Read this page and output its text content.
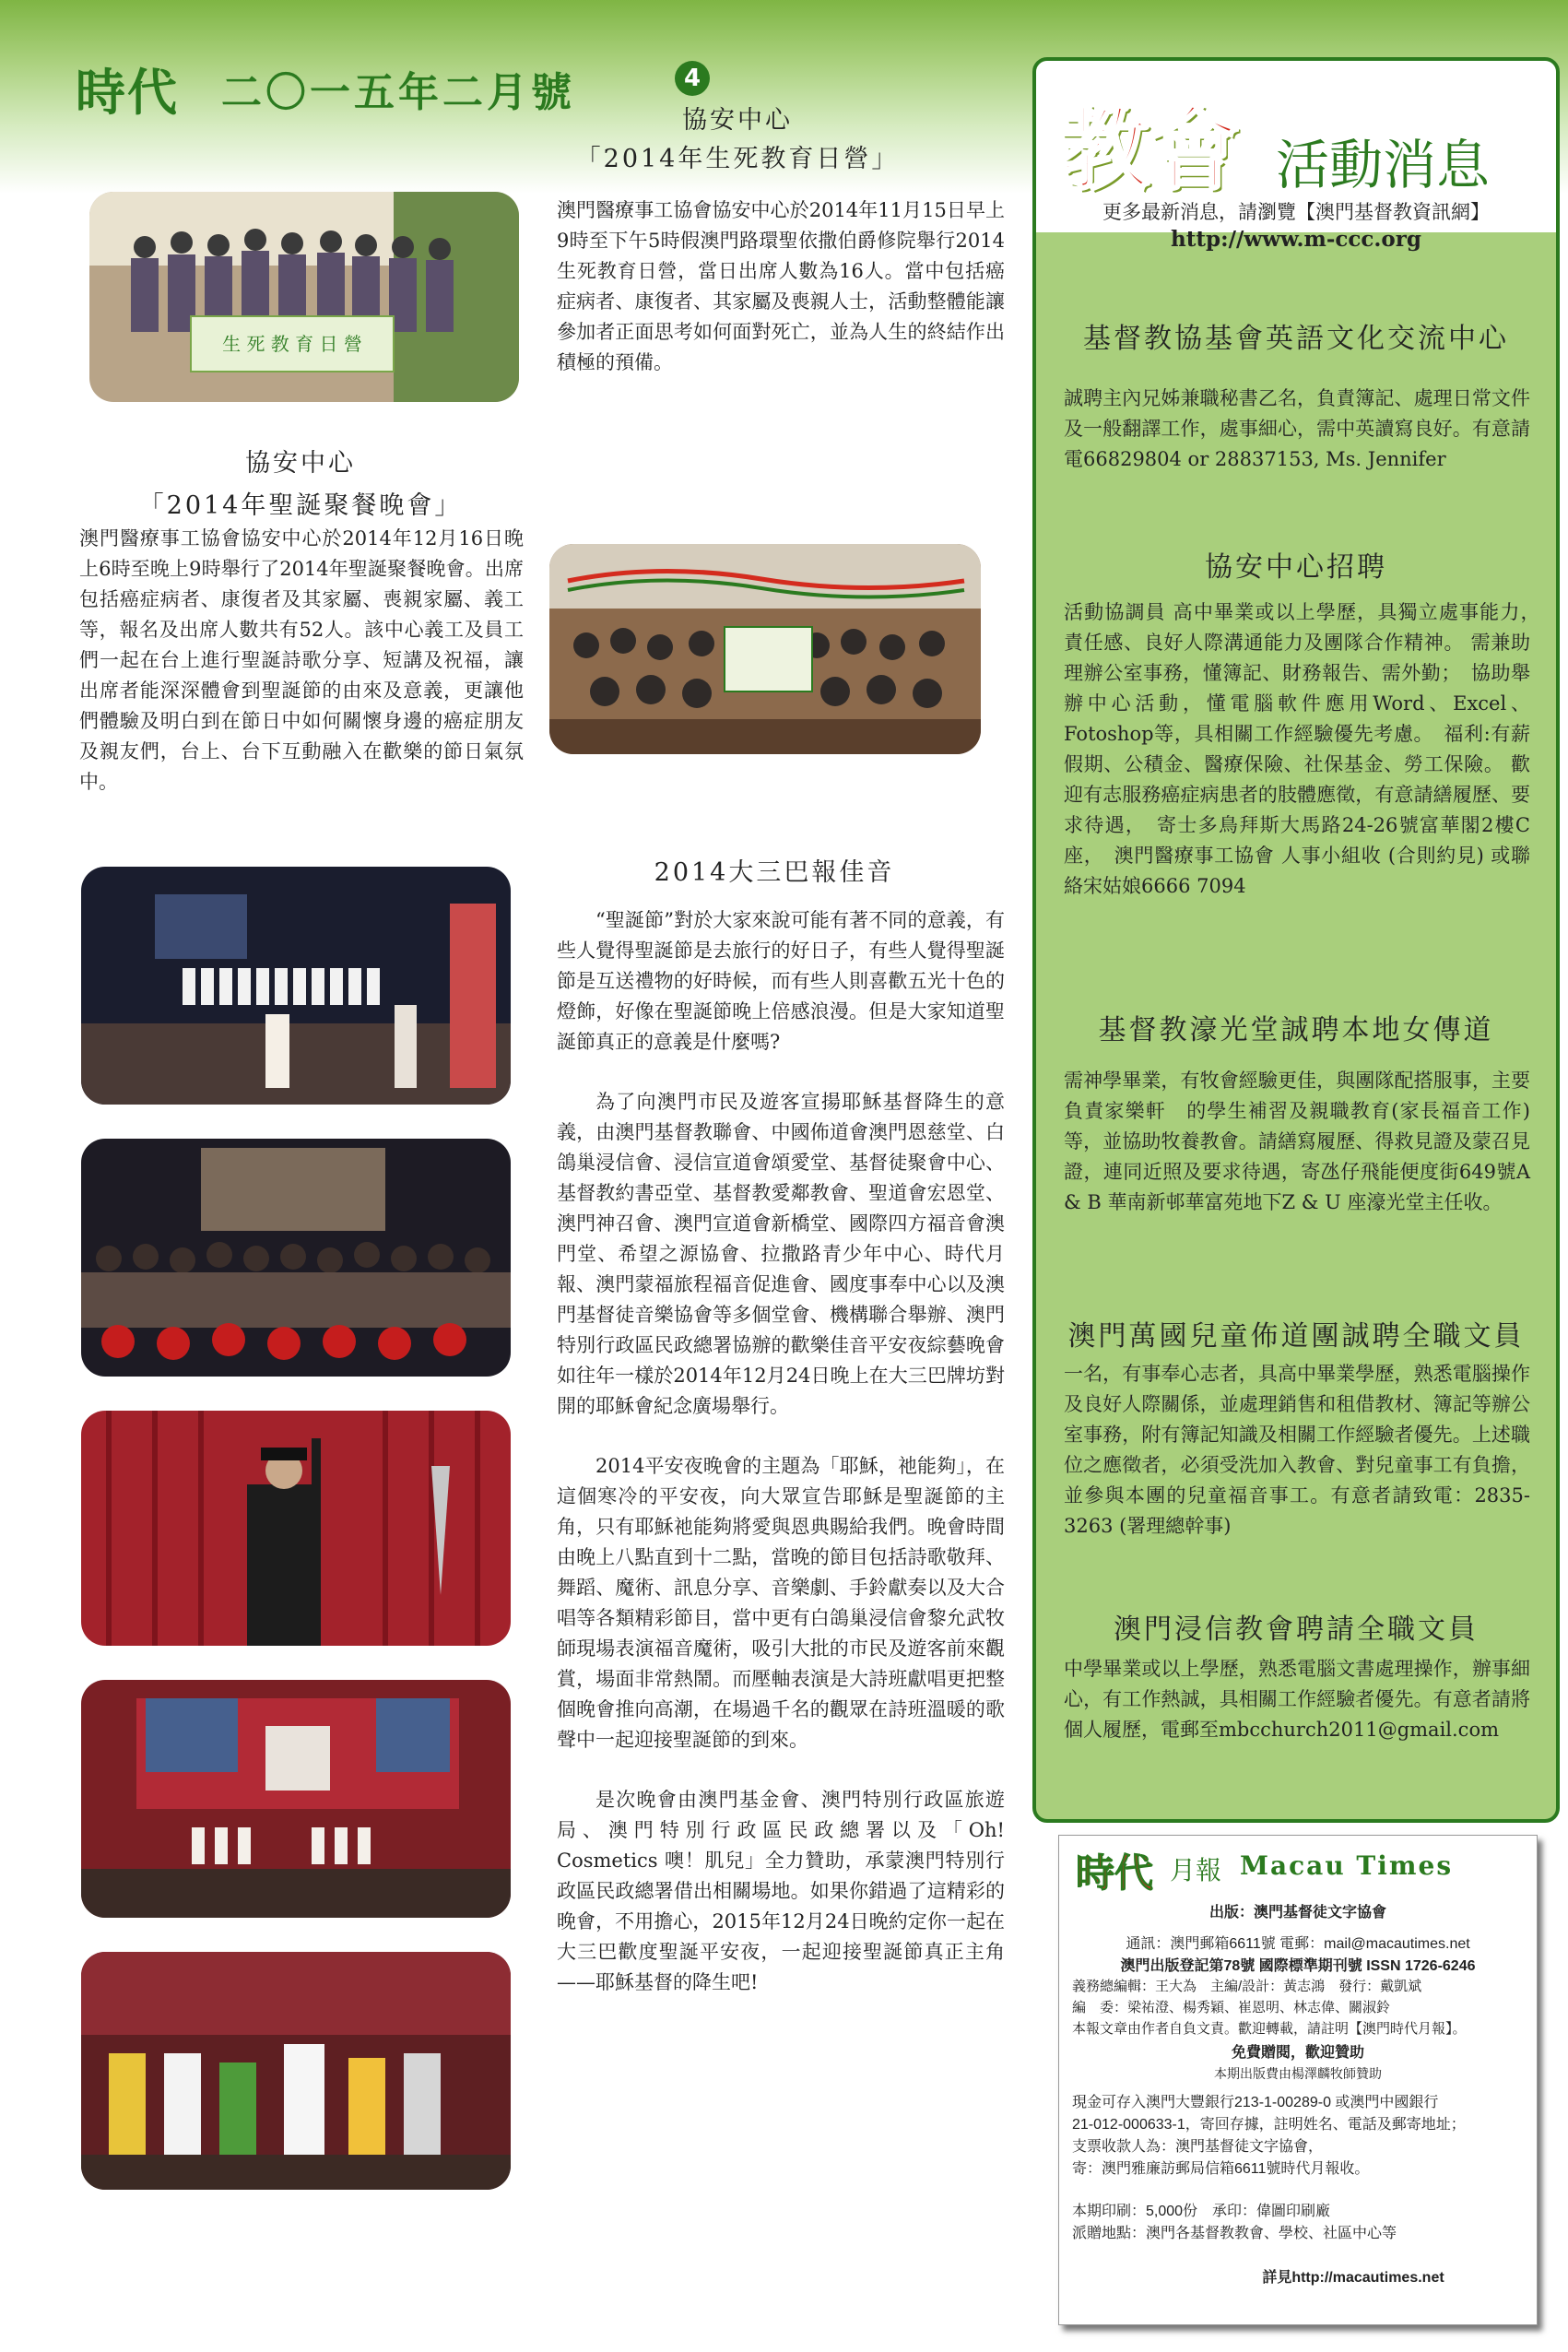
時代 二〇一五年二月號	4
生 死 教 育 日 營
協安中心
「2014年生死教育日營」
澳門醫療事工協會協安中心於2014年11月15日早上9時至下午5時假澳門路環聖依撒伯爵修院舉行2014生死教育日營，當日出席人數為16人。當中包括癌症病者、康復者、其家屬及喪親人士，活動整體能讓參加者正面思考如何面對死亡，並為人生的終結作出積極的預備。
協安中心
「2014年聖誕聚餐晚會」
澳門醫療事工協會協安中心於2014年12月16日晚上6時至晚上9時舉行了2014年聖誕聚餐晚會。出席包括癌症病者、康復者及其家屬、喪親家屬、義工等，報名及出席人數共有52人。該中心義工及員工們一起在台上進行聖誕詩歌分享、短講及祝福，讓出席者能深深體會到聖誕節的由來及意義，更讓他們體驗及明白到在節日中如何關懷身邊的癌症朋友及親友們，台上、台下互動融入在歡樂的節日氣氛中。
2014大三巴報佳音

“聖誕節”對於大家來說可能有著不同的意義，有些人覺得聖誕節是去旅行的好日子，有些人覺得聖誕節是互送禮物的好時候，而有些人則喜歡五光十色的燈飾，好像在聖誕節晚上倍感浪漫。但是大家知道聖誕節真正的意義是什麼嗎?

為了向澳門市民及遊客宣揚耶穌基督降生的意義，由澳門基督教聯會、中國佈道會澳門恩慈堂、白鴿巢浸信會、浸信宣道會頌愛堂、基督徒聚會中心、基督教約書亞堂、基督教愛鄰教會、聖道會宏恩堂、澳門神召會、澳門宣道會新橋堂、國際四方福音會澳門堂、希望之源協會、拉撒路青少年中心、時代月報、澳門蒙福旅程福音促進會、國度事奉中心以及澳門基督徒音樂協會等多個堂會、機構聯合舉辦、澳門特別行政區民政總署協辦的歡樂佳音平安夜綜藝晚會如往年一樣於2014年12月24日晚上在大三巴牌坊對開的耶穌會紀念廣場舉行。

2014平安夜晚會的主題為「耶穌，祂能夠」，在這個寒冷的平安夜，向大眾宣告耶穌是聖誕節的主角，只有耶穌祂能夠將愛與恩典賜給我們。晚會時間由晚上八點直到十二點，當晚的節目包括詩歌敬拜、舞蹈、魔術、訊息分享、音樂劇、手鈴獻奏以及大合唱等各類精彩節目，當中更有白鴿巢浸信會黎允武牧師現場表演福音魔術，吸引大批的市民及遊客前來觀賞，場面非常熱鬧。而壓軸表演是大詩班獻唱更把整個晚會推向高潮，在場過千名的觀眾在詩班溫暖的歌聲中一起迎接聖誕節的到來。

是次晚會由澳門基金會、澳門特別行政區旅遊局、澳門特別行政區民政總署以及「Oh! Cosmetics 噢！肌兒」全力贊助，承蒙澳門特別行政區民政總署借出相關場地。如果你錯過了這精彩的晚會，不用擔心，2015年12月24日晚約定你一起在大三巴歡度聖誕平安夜，一起迎接聖誕節真正主角——耶穌基督的降生吧!

教會 活動消息
更多最新消息，請瀏覽【澳門基督教資訊網】
http://www.m-ccc.org
基督教協基會英語文化交流中心
誠聘主內兄姊兼職秘書乙名，負責簿記、處理日常文件及一般翻譯工作，處事細心，需中英讀寫良好。有意請電66829804 or 28837153, Ms. Jennifer
協安中心招聘
活動協調員 高中畢業或以上學歷，具獨立處事能力，　責任感、良好人際溝通能力及團隊合作精神。 需兼助理辦公室事務，懂簿記、財務報告、需外勤；　協助舉辦中心活動，懂電腦軟件應用Word、Excel、Fotoshop等，具相關工作經驗優先考慮。　福利:有薪假期、公積金、醫療保險、社保基金、勞工保險。 歡迎有志服務癌症病患者的肢體應徵，有意請繕履歷、要求待遇，　寄士多鳥拜斯大馬路24-26號富華閣2樓C座，　澳門醫療事工協會 人事小組收 (合則約見) 或聯絡宋姑娘6666 7094
基督教濠光堂誠聘本地女傳道
需神學畢業，有牧會經驗更佳，與團隊配搭服事，主要負責家樂軒　的學生補習及親職教育(家長福音工作)等，並協助牧養教會。請繕寫履歷、得救見證及蒙召見證，連同近照及要求待遇，寄氹仔飛能便度街649號A & B 華南新邨華富苑地下Z & U 座濠光堂主任收。
澳門萬國兒童佈道團誠聘全職文員
一名，有事奉心志者，具高中畢業學歷，熟悉電腦操作及良好人際關係，並處理銷售和租借教材、簿記等辦公室事務，附有簿記知識及相關工作經驗者優先。上述職位之應徵者，必須受洗加入教會、對兒童事工有負擔，並參與本團的兒童福音事工。有意者請致電：2835-3263 (署理總幹事)
澳門浸信教會聘請全職文員
中學畢業或以上學歷，熟悉電腦文書處理操作，辦事細心，有工作熱誠，具相關工作經驗者優先。有意者請將個人履歷，電郵至mbcchurch2011@gmail.com
時代 月報 Macau Times
出版：澳門基督徒文字協會
通訊：澳門郵箱6611號 電郵：mail@macautimes.net
澳門出版登記第78號 國際標準期刊號 ISSN 1726-6246
義務總編輯：王大為　主編/設計：黃志鴻　發行：戴凱斌
編　委：梁祐澄、楊秀穎、崔恩明、林志偉、關淑鈴
本報文章由作者自負文責。歡迎轉載，請註明【澳門時代月報】。
免費贈閱，歡迎贊助
本期出版費由楊澤麟牧師贊助
現金可存入澳門大豐銀行213-1-00289-0 或澳門中國銀行
21-012-000633-1，寄回存據，註明姓名、電話及郵寄地址；
支票收款人為：澳門基督徒文字協會，
寄：澳門雅廉訪郵局信箱6611號時代月報收。
本期印刷：5,000份　承印：偉圖印刷廠
派贈地點：澳門各基督教教會、學校、社區中心等
詳見http://macautimes.net
